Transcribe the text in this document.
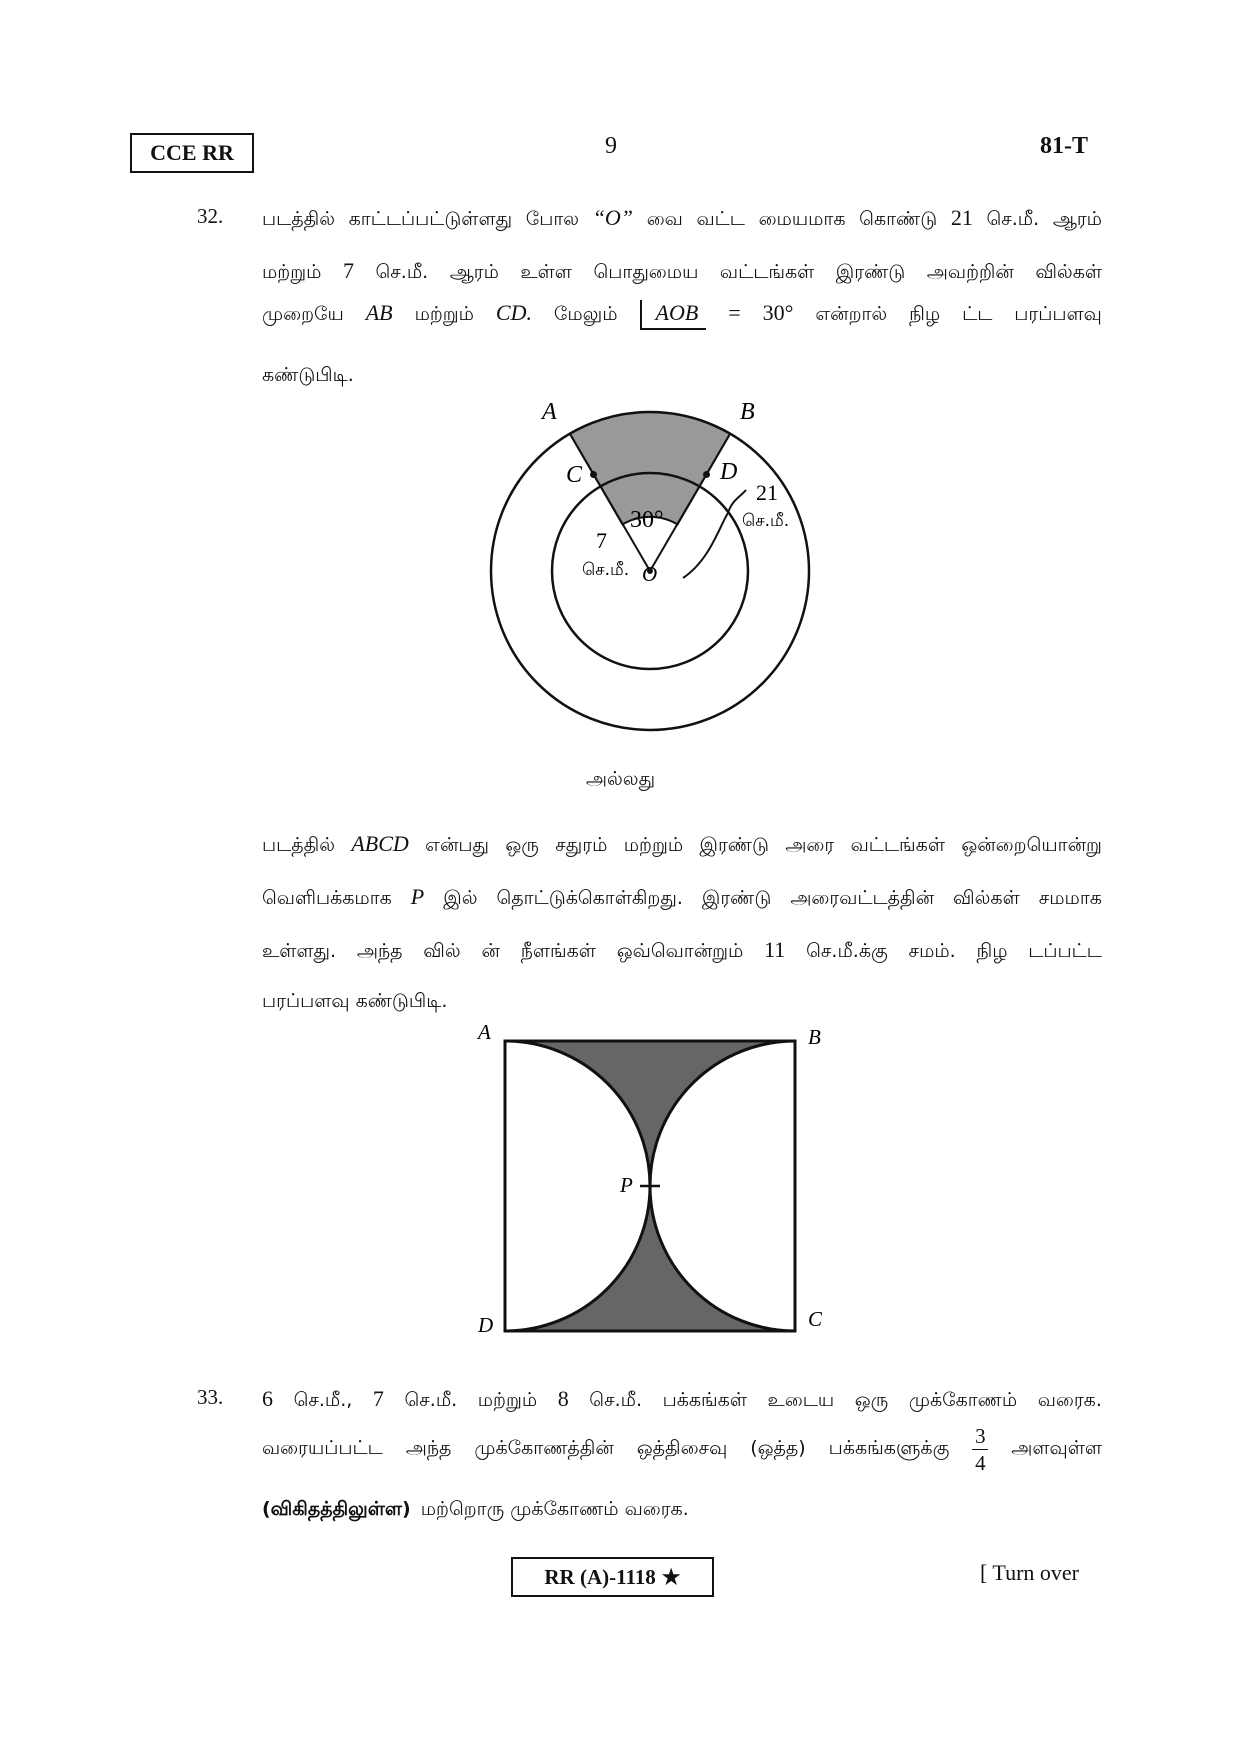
CCE RR	9	81-T
32. படத்தில் காட்டப்பட்டுள்ளது போல “O” வை வட்ட மையமாக கொண்டு 21 செ.மீ. ஆரம்
மற்றும் 7 செ.மீ. ஆரம் உள்ள பொதுமைய வட்டங்கள் இரண்டு அவற்றின் வில்கள்
முறையே AB மற்றும் CD. மேலும்	AOB	= 30° என்றால் நிழ ட்ட பரப்பளவு
கண்டுபிடி.
A	B
C	D
O
30°
21
செ.மீ.
7
செ.மீ.
அல்லது
படத்தில் ABCD என்பது ஒரு சதுரம் மற்றும் இரண்டு அரை வட்டங்கள் ஒன்றையொன்று
வெளிபக்கமாக P இல் தொட்டுக்கொள்கிறது. இரண்டு அரைவட்டத்தின் வில்கள் சமமாக
உள்ளது. அந்த வில் ன் நீளங்கள் ஒவ்வொன்றும் 11 செ.மீ.க்கு சமம். நிழ டப்பட்ட
பரப்பளவு கண்டுபிடி.
A	B
C
D
P
33. 6 செ.மீ., 7 செ.மீ. மற்றும் 8 செ.மீ. பக்கங்கள் உடைய ஒரு முக்கோணம் வரைக.
வரையப்பட்ட அந்த முக்கோணத்தின் ஒத்திசைவு (ஒத்த) பக்கங்களுக்கு $\frac{3}{4}$ அளவுள்ள
(விகிதத்திலுள்ள) மற்றொரு முக்கோணம் வரைக.
RR (A)-1118 ★	[ Turn over
